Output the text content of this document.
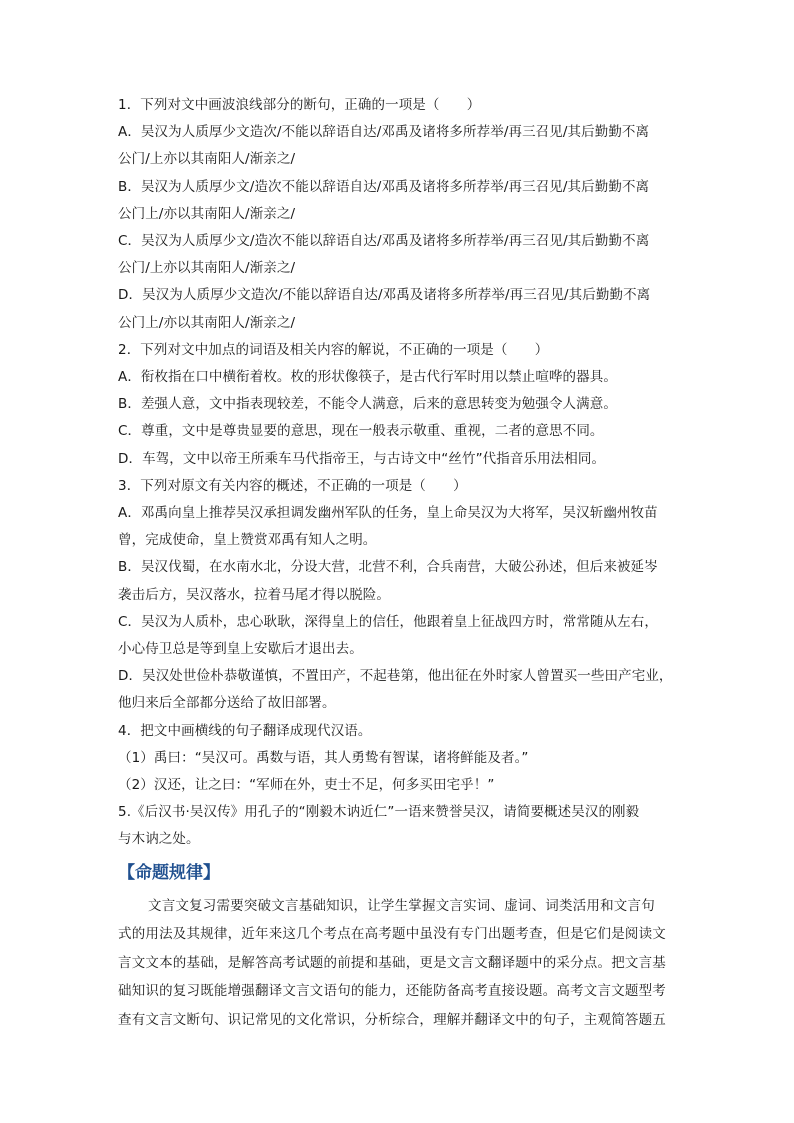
1．下列对文中画波浪线部分的断句，正确的一项是（　　）
A．吴汉为人质厚少文造次/不能以辞语自达/邓禹及诸将多所荐举/再三召见/其后勤勤不离
公门/上亦以其南阳人/渐亲之/
B．吴汉为人质厚少文/造次不能以辞语自达/邓禹及诸将多所荐举/再三召见/其后勤勤不离
公门上/亦以其南阳人/渐亲之/
C．吴汉为人质厚少文/造次不能以辞语自达/邓禹及诸将多所荐举/再三召见/其后勤勤不离
公门/上亦以其南阳人/渐亲之/
D．吴汉为人质厚少文造次/不能以辞语自达/邓禹及诸将多所荐举/再三召见/其后勤勤不离
公门上/亦以其南阳人/渐亲之/
2．下列对文中加点的词语及相关内容的解说，不正确的一项是（　　）
A．衔枚指在口中横衔着枚。枚的形状像筷子，是古代行军时用以禁止喧哗的器具。
B．差强人意，文中指表现较差，不能令人满意，后来的意思转变为勉强令人满意。
C．尊重，文中是尊贵显要的意思，现在一般表示敬重、重视，二者的意思不同。
D．车驾，文中以帝王所乘车马代指帝王，与古诗文中“丝竹”代指音乐用法相同。
3．下列对原文有关内容的概述，不正确的一项是（　　）
A．邓禹向皇上推荐吴汉承担调发幽州军队的任务，皇上命吴汉为大将军，吴汉斩幽州牧苗
曾，完成使命，皇上赞赏邓禹有知人之明。
B．吴汉伐蜀，在水南水北，分设大营，北营不利，合兵南营，大破公孙述，但后来被延岑
袭击后方，吴汉落水，拉着马尾才得以脱险。
C．吴汉为人质朴，忠心耿耿，深得皇上的信任，他跟着皇上征战四方时，常常随从左右，
小心侍卫总是等到皇上安歇后才退出去。
D．吴汉处世俭朴恭敬谨慎，不置田产，不起巷第，他出征在外时家人曾置买一些田产宅业，
他归来后全部都分送给了故旧部署。
4．把文中画横线的句子翻译成现代汉语。
（1）禹曰：“吴汉可。禹数与语，其人勇鸷有智谋，诸将鲜能及者。”
（2）汉还，让之曰：“军师在外，吏士不足，何多买田宅乎！”
5.《后汉书·吴汉传》用孔子的“刚毅木讷近仁”一语来赞誉吴汉，请简要概述吴汉的刚毅
与木讷之处。
【命题规律】
文言文复习需要突破文言基础知识，让学生掌握文言实词、虚词、词类活用和文言句
式的用法及其规律，近年来这几个考点在高考题中虽没有专门出题考查，但是它们是阅读文
言文文本的基础，是解答高考试题的前提和基础，更是文言文翻译题中的采分点。把文言基
础知识的复习既能增强翻译文言文语句的能力，还能防备高考直接设题。高考文言文题型考
查有文言文断句、识记常见的文化常识，分析综合，理解并翻译文中的句子，主观简答题五
